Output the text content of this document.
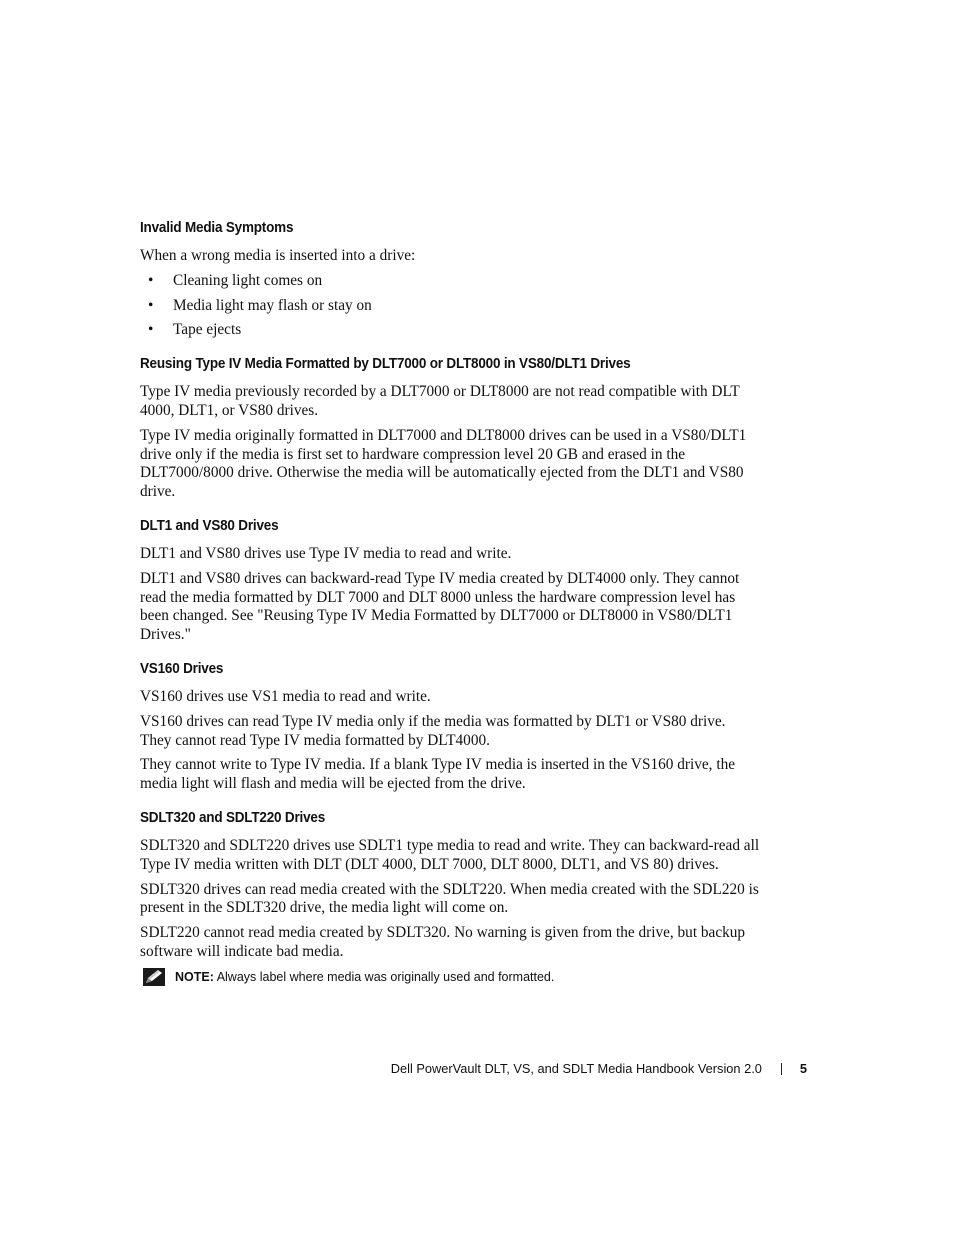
Invalid Media Symptoms
When a wrong media is inserted into a drive:
•	Cleaning light comes on
•	Media light may flash or stay on
•	Tape ejects
Reusing Type IV Media Formatted by DLT7000 or DLT8000 in VS80/DLT1 Drives
Type IV media previously recorded by a DLT7000 or DLT8000 are not read compatible with DLT 4000, DLT1, or VS80 drives.
Type IV media originally formatted in DLT7000 and DLT8000 drives can be used in a VS80/DLT1 drive only if the media is first set to hardware compression level 20 GB and erased in the DLT7000/8000 drive. Otherwise the media will be automatically ejected from the DLT1 and VS80 drive.
DLT1 and VS80 Drives
DLT1 and VS80 drives use Type IV media to read and write.
DLT1 and VS80 drives can backward-read Type IV media created by DLT4000 only. They cannot read the media formatted by DLT 7000 and DLT 8000 unless the hardware compression level has been changed. See "Reusing Type IV Media Formatted by DLT7000 or DLT8000 in VS80/DLT1 Drives."
VS160 Drives
VS160 drives use VS1 media to read and write.
VS160 drives can read Type IV media only if the media was formatted by DLT1 or VS80 drive. They cannot read Type IV media formatted by DLT4000.
They cannot write to Type IV media. If a blank Type IV media is inserted in the VS160 drive, the media light will flash and media will be ejected from the drive.
SDLT320 and SDLT220 Drives
SDLT320 and SDLT220 drives use SDLT1 type media to read and write. They can backward-read all Type IV media written with DLT (DLT 4000, DLT 7000, DLT 8000, DLT1, and VS 80) drives.
SDLT320 drives can read media created with the SDLT220. When media created with the SDL220 is present in the SDLT320 drive, the media light will come on.
SDLT220 cannot read media created by SDLT320. No warning is given from the drive, but backup software will indicate bad media.
NOTE: Always label where media was originally used and formatted.
Dell PowerVault DLT, VS, and SDLT Media Handbook Version 2.0	5
